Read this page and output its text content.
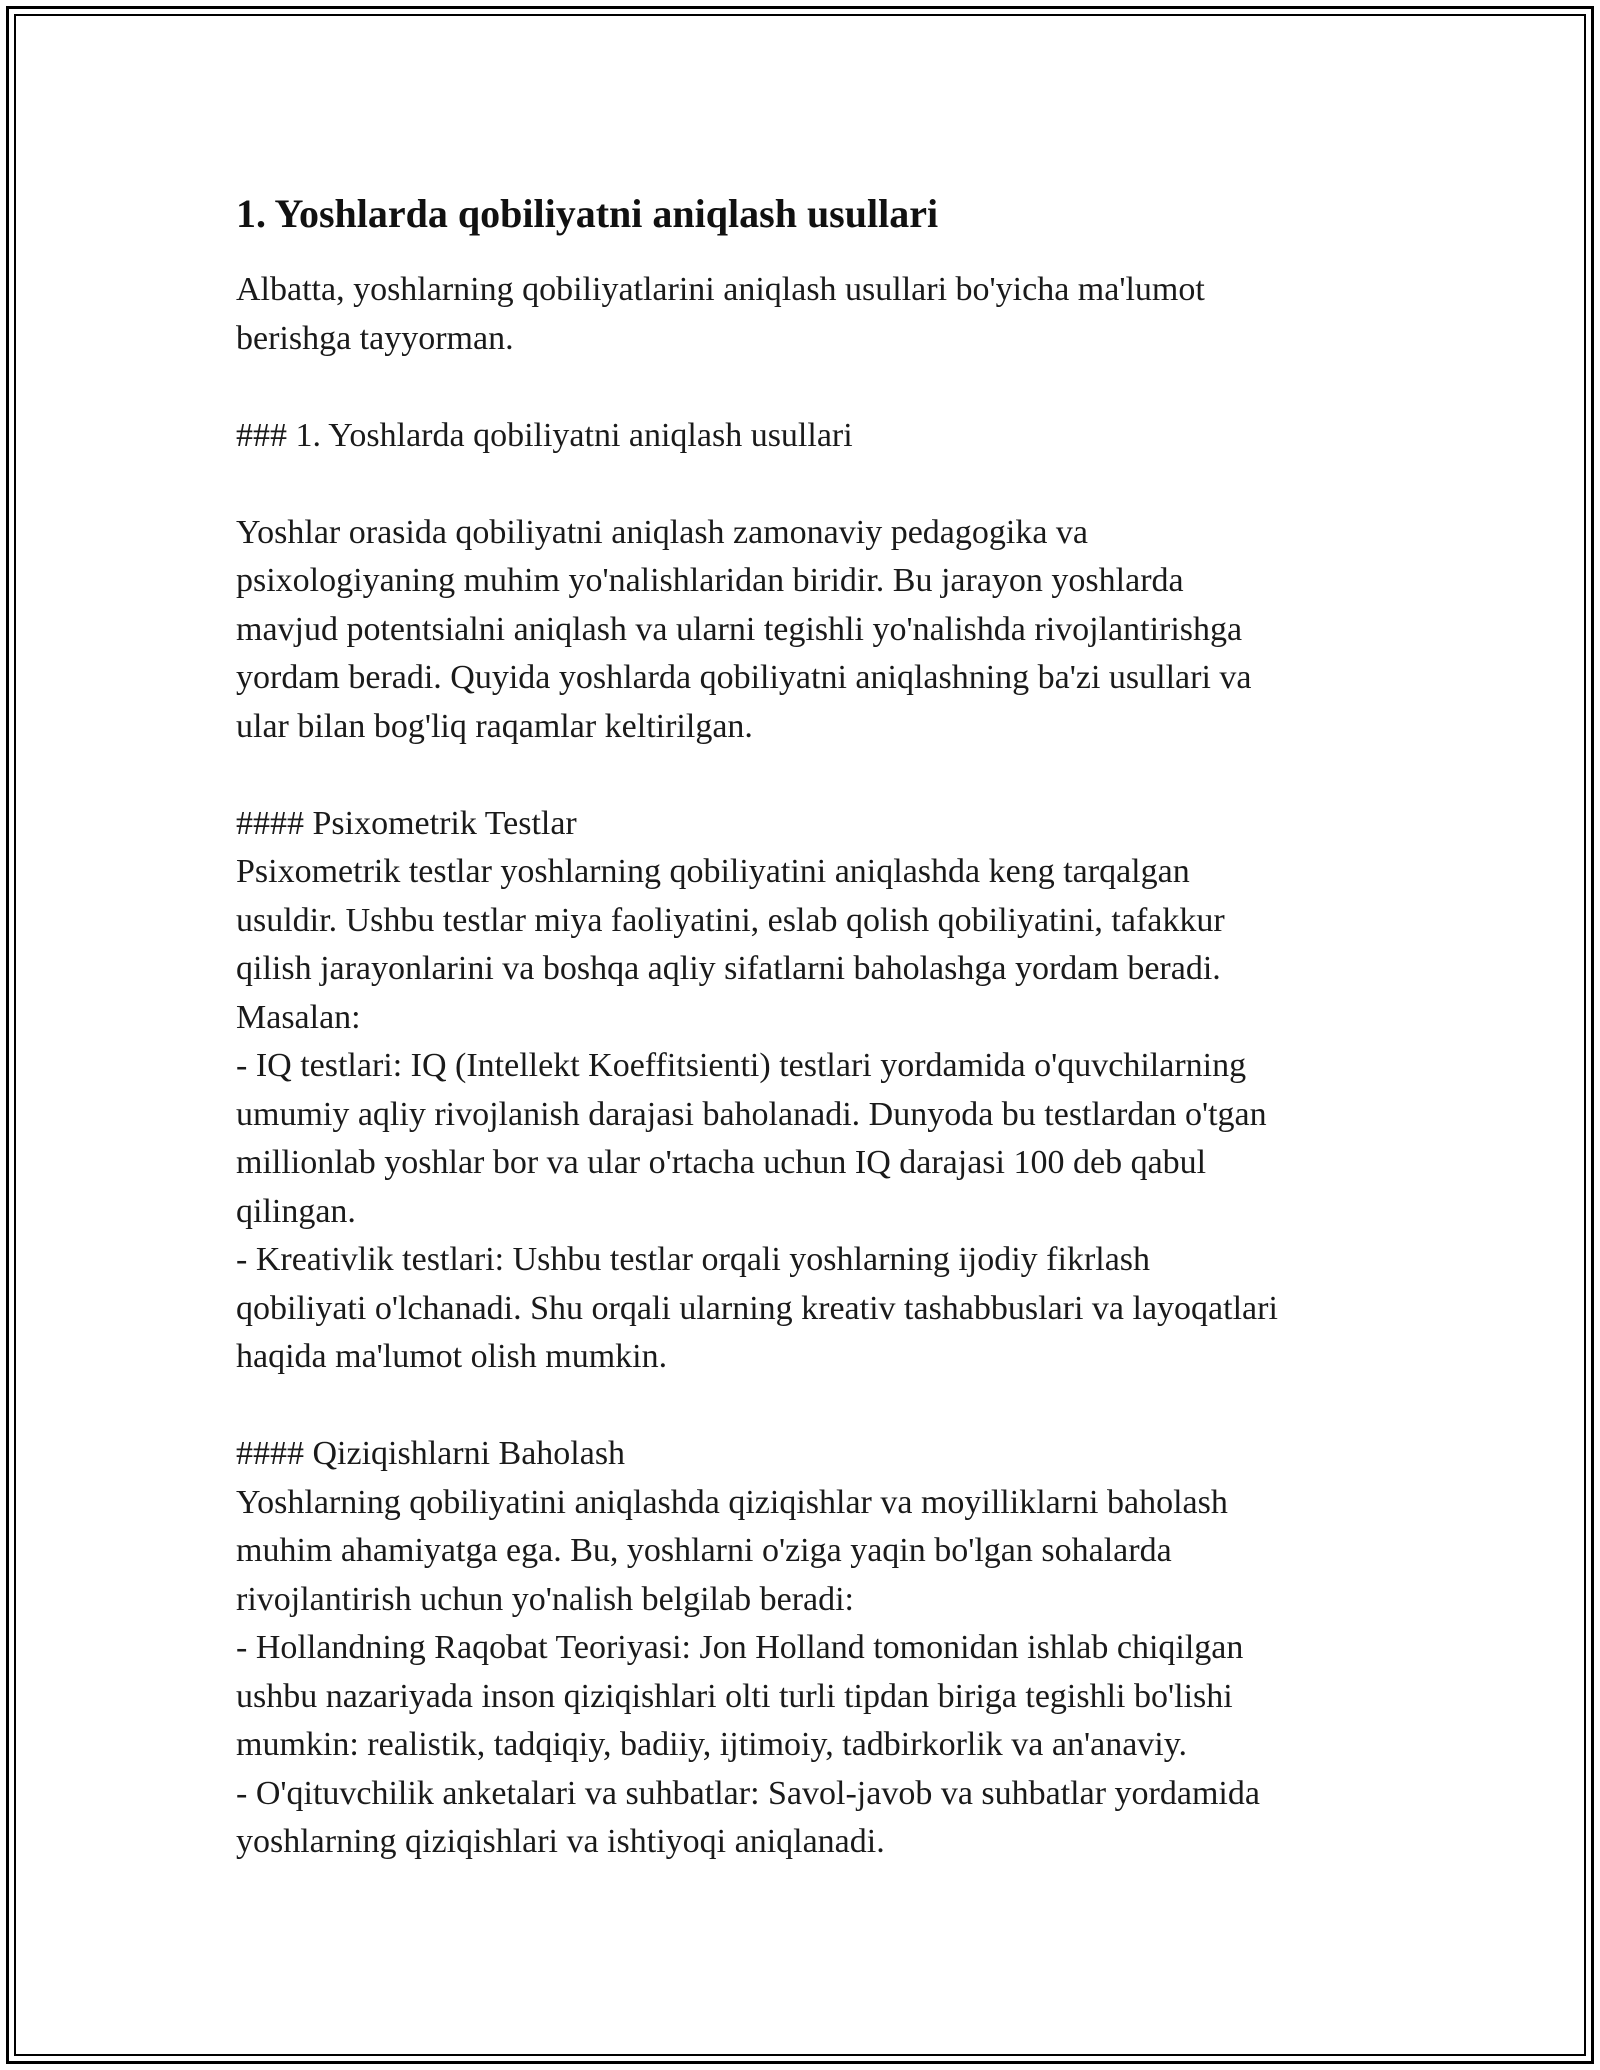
1. Yoshlarda qobiliyatni aniqlash usullari

Albatta, yoshlarning qobiliyatlarini aniqlash usullari bo'yicha ma'lumot
berishga tayyorman.

### 1. Yoshlarda qobiliyatni aniqlash usullari

Yoshlar orasida qobiliyatni aniqlash zamonaviy pedagogika va
psixologiyaning muhim yo'nalishlaridan biridir. Bu jarayon yoshlarda
mavjud potentsialni aniqlash va ularni tegishli yo'nalishda rivojlantirishga
yordam beradi. Quyida yoshlarda qobiliyatni aniqlashning ba'zi usullari va
ular bilan bog'liq raqamlar keltirilgan.

#### Psixometrik Testlar
Psixometrik testlar yoshlarning qobiliyatini aniqlashda keng tarqalgan
usuldir. Ushbu testlar miya faoliyatini, eslab qolish qobiliyatini, tafakkur
qilish jarayonlarini va boshqa aqliy sifatlarni baholashga yordam beradi.
Masalan:
- IQ testlari: IQ (Intellekt Koeffitsienti) testlari yordamida o'quvchilarning
umumiy aqliy rivojlanish darajasi baholanadi. Dunyoda bu testlardan o'tgan
millionlab yoshlar bor va ular o'rtacha uchun IQ darajasi 100 deb qabul
qilingan.
- Kreativlik testlari: Ushbu testlar orqali yoshlarning ijodiy fikrlash
qobiliyati o'lchanadi. Shu orqali ularning kreativ tashabbuslari va layoqatlari
haqida ma'lumot olish mumkin.

#### Qiziqishlarni Baholash
Yoshlarning qobiliyatini aniqlashda qiziqishlar va moyilliklarni baholash
muhim ahamiyatga ega. Bu, yoshlarni o'ziga yaqin bo'lgan sohalarda
rivojlantirish uchun yo'nalish belgilab beradi:
- Hollandning Raqobat Teoriyasi: Jon Holland tomonidan ishlab chiqilgan
ushbu nazariyada inson qiziqishlari olti turli tipdan biriga tegishli bo'lishi
mumkin: realistik, tadqiqiy, badiiy, ijtimoiy, tadbirkorlik va an'anaviy.
- O'qituvchilik anketalari va suhbatlar: Savol-javob va suhbatlar yordamida
yoshlarning qiziqishlari va ishtiyoqi aniqlanadi.
